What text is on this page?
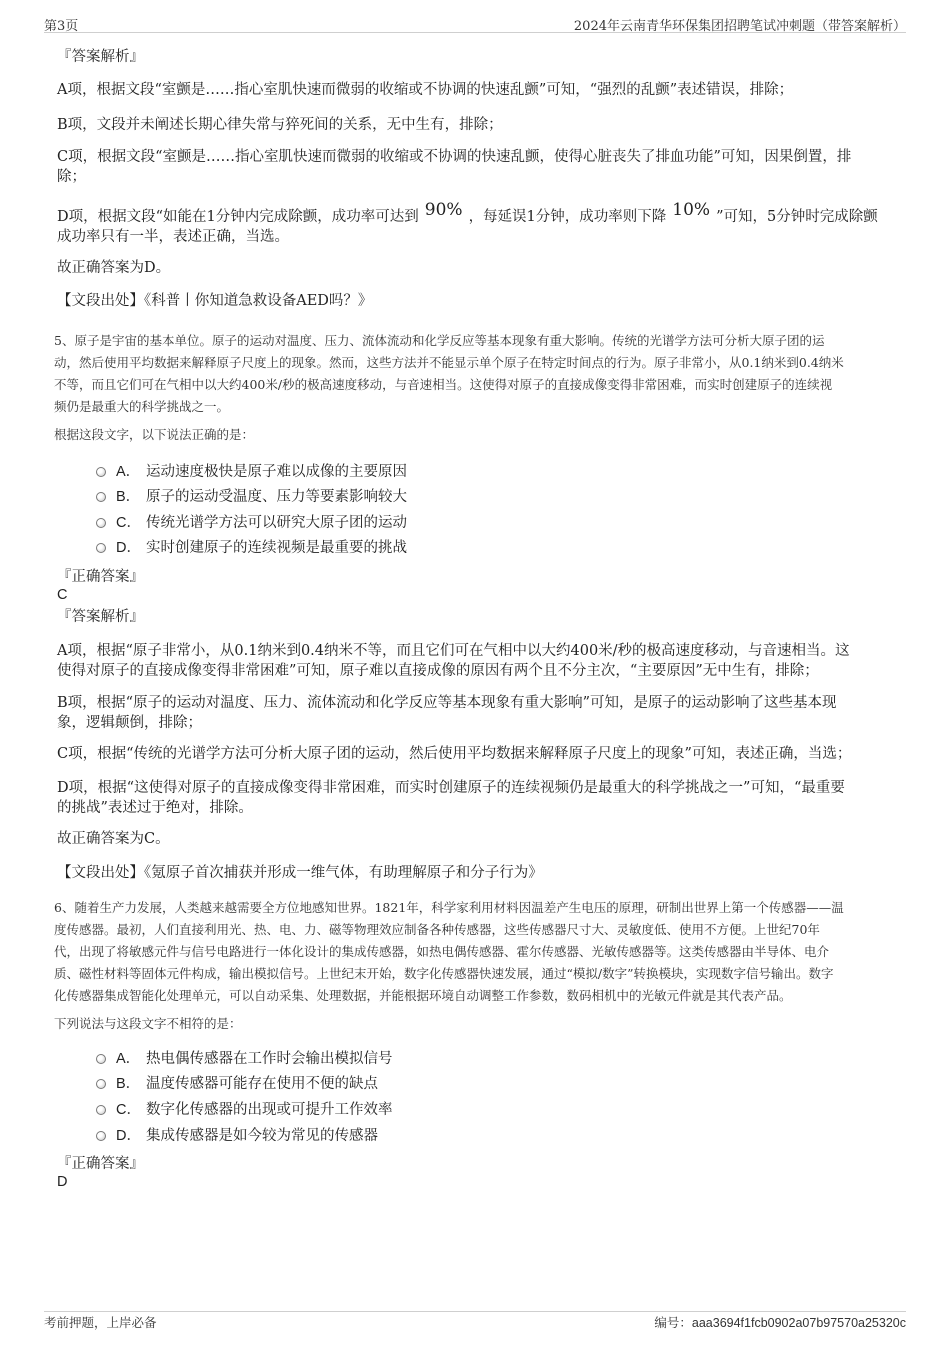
第3页	2024年云南青华环保集团招聘笔试冲刺题（带答案解析）
『答案解析』
A项，根据文段“室颤是……指心室肌快速而微弱的收缩或不协调的快速乱颤”可知，“强烈的乱颤”表述错误，排除；
B项，文段并未阐述长期心律失常与猝死间的关系，无中生有，排除；
C项，根据文段“室颤是……指心室肌快速而微弱的收缩或不协调的快速乱颤，使得心脏丧失了排血功能”可知，因果倒置，排
除；
D项，根据文段“如能在1分钟内完成除颤，成功率可达到 90% ，每延误1分钟，成功率则下降 10% ”可知，5分钟时完成除颤
成功率只有一半，表述正确，当选。
故正确答案为D。
【文段出处】《科普丨你知道急救设备AED吗？》
5、原子是宇宙的基本单位。原子的运动对温度、压力、流体流动和化学反应等基本现象有重大影响。传统的光谱学方法可分析大原子团的运
动，然后使用平均数据来解释原子尺度上的现象。然而，这些方法并不能显示单个原子在特定时间点的行为。原子非常小，从0.1纳米到0.4纳米
不等，而且它们可在气相中以大约400米/秒的极高速度移动，与音速相当。这使得对原子的直接成像变得非常困难，而实时创建原子的连续视
频仍是最重大的科学挑战之一。
根据这段文字，以下说法正确的是：
A． 运动速度极快是原子难以成像的主要原因
B． 原子的运动受温度、压力等要素影响较大
C． 传统光谱学方法可以研究大原子团的运动
D． 实时创建原子的连续视频是最重要的挑战
『正确答案』
C
『答案解析』
A项，根据“原子非常小，从0.1纳米到0.4纳米不等，而且它们可在气相中以大约400米/秒的极高速度移动，与音速相当。这
使得对原子的直接成像变得非常困难”可知，原子难以直接成像的原因有两个且不分主次，“主要原因”无中生有，排除；
B项，根据“原子的运动对温度、压力、流体流动和化学反应等基本现象有重大影响”可知，是原子的运动影响了这些基本现
象，逻辑颠倒，排除；
C项，根据“传统的光谱学方法可分析大原子团的运动，然后使用平均数据来解释原子尺度上的现象”可知，表述正确，当选；
D项，根据“这使得对原子的直接成像变得非常困难，而实时创建原子的连续视频仍是最重大的科学挑战之一”可知，“最重要
的挑战”表述过于绝对，排除。
故正确答案为C。
【文段出处】《氪原子首次捕获并形成一维气体，有助理解原子和分子行为》
6、随着生产力发展，人类越来越需要全方位地感知世界。1821年，科学家利用材料因温差产生电压的原理，研制出世界上第一个传感器——温
度传感器。最初，人们直接利用光、热、电、力、磁等物理效应制备各种传感器，这些传感器尺寸大、灵敏度低、使用不方便。上世纪70年
代，出现了将敏感元件与信号电路进行一体化设计的集成传感器，如热电偶传感器、霍尔传感器、光敏传感器等。这类传感器由半导体、电介
质、磁性材料等固体元件构成，输出模拟信号。上世纪末开始，数字化传感器快速发展，通过“模拟/数字”转换模块，实现数字信号输出。数字
化传感器集成智能化处理单元，可以自动采集、处理数据，并能根据环境自动调整工作参数，数码相机中的光敏元件就是其代表产品。
下列说法与这段文字不相符的是：
A． 热电偶传感器在工作时会输出模拟信号
B． 温度传感器可能存在使用不便的缺点
C． 数字化传感器的出现或可提升工作效率
D． 集成传感器是如今较为常见的传感器
『正确答案』
D
考前押题，上岸必备	编号：aaa3694f1fcb0902a07b97570a25320c
